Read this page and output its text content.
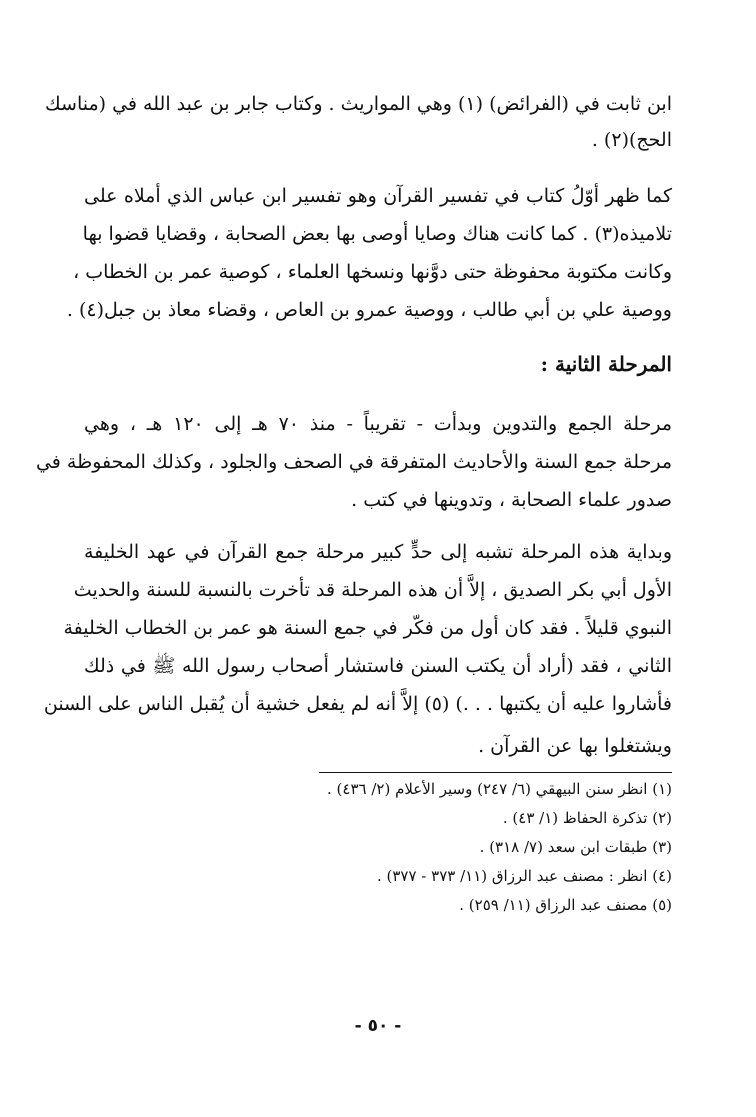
ابن ثابت في (الفرائض) (١) وهي المواريث . وكتاب جابر بن عبد الله في (مناسك
الحج)(٢) .
كما ظهر أوّلُ كتاب في تفسير القرآن وهو تفسير ابن عباس الذي أملاه على
تلاميذه(٣) . كما كانت هناك وصايا أوصى بها بعض الصحابة ، وقضايا قضوا بها
وكانت مكتوبة محفوظة حتى دوَّنها ونسخها العلماء ، كوصية عمر بن الخطاب ،
ووصية علي بن أبي طالب ، ووصية عمرو بن العاص ، وقضاء معاذ بن جبل(٤) .
المرحلة الثانية :
مرحلة الجمع والتدوين وبدأت - تقريباً - منذ ٧٠ هـ إلى ١٢٠ هـ ، وهي
مرحلة جمع السنة والأحاديث المتفرقة في الصحف والجلود ، وكذلك المحفوظة في
صدور علماء الصحابة ، وتدوينها في كتب .
وبداية هذه المرحلة تشبه إلى حدٍّ كبير مرحلة جمع القرآن في عهد الخليفة
الأول أبي بكر الصديق ، إلاَّ أن هذه المرحلة قد تأخرت بالنسبة للسنة والحديث
النبوي قليلاً . فقد كان أول من فكّر في جمع السنة هو عمر بن الخطاب الخليفة
الثاني ، فقد (أراد أن يكتب السنن فاستشار أصحاب رسول الله ﷺ في ذلك
فأشاروا عليه أن يكتبها . . .) (٥) إلاَّ أنه لم يفعل خشية أن يُقبل الناس على السنن
ويشتغلوا بها عن القرآن .
(١) انظر سنن البيهقي (٦/ ٢٤٧) وسير الأعلام (٢/ ٤٣٦) .
(٢) تذكرة الحفاظ (١/ ٤٣) .
(٣) طبقات ابن سعد (٧/ ٣١٨) .
(٤) انظر : مصنف عبد الرزاق (١١/ ٣٧٣ - ٣٧٧) .
(٥) مصنف عبد الرزاق (١١/ ٢٥٩) .
- ٥٠ -
